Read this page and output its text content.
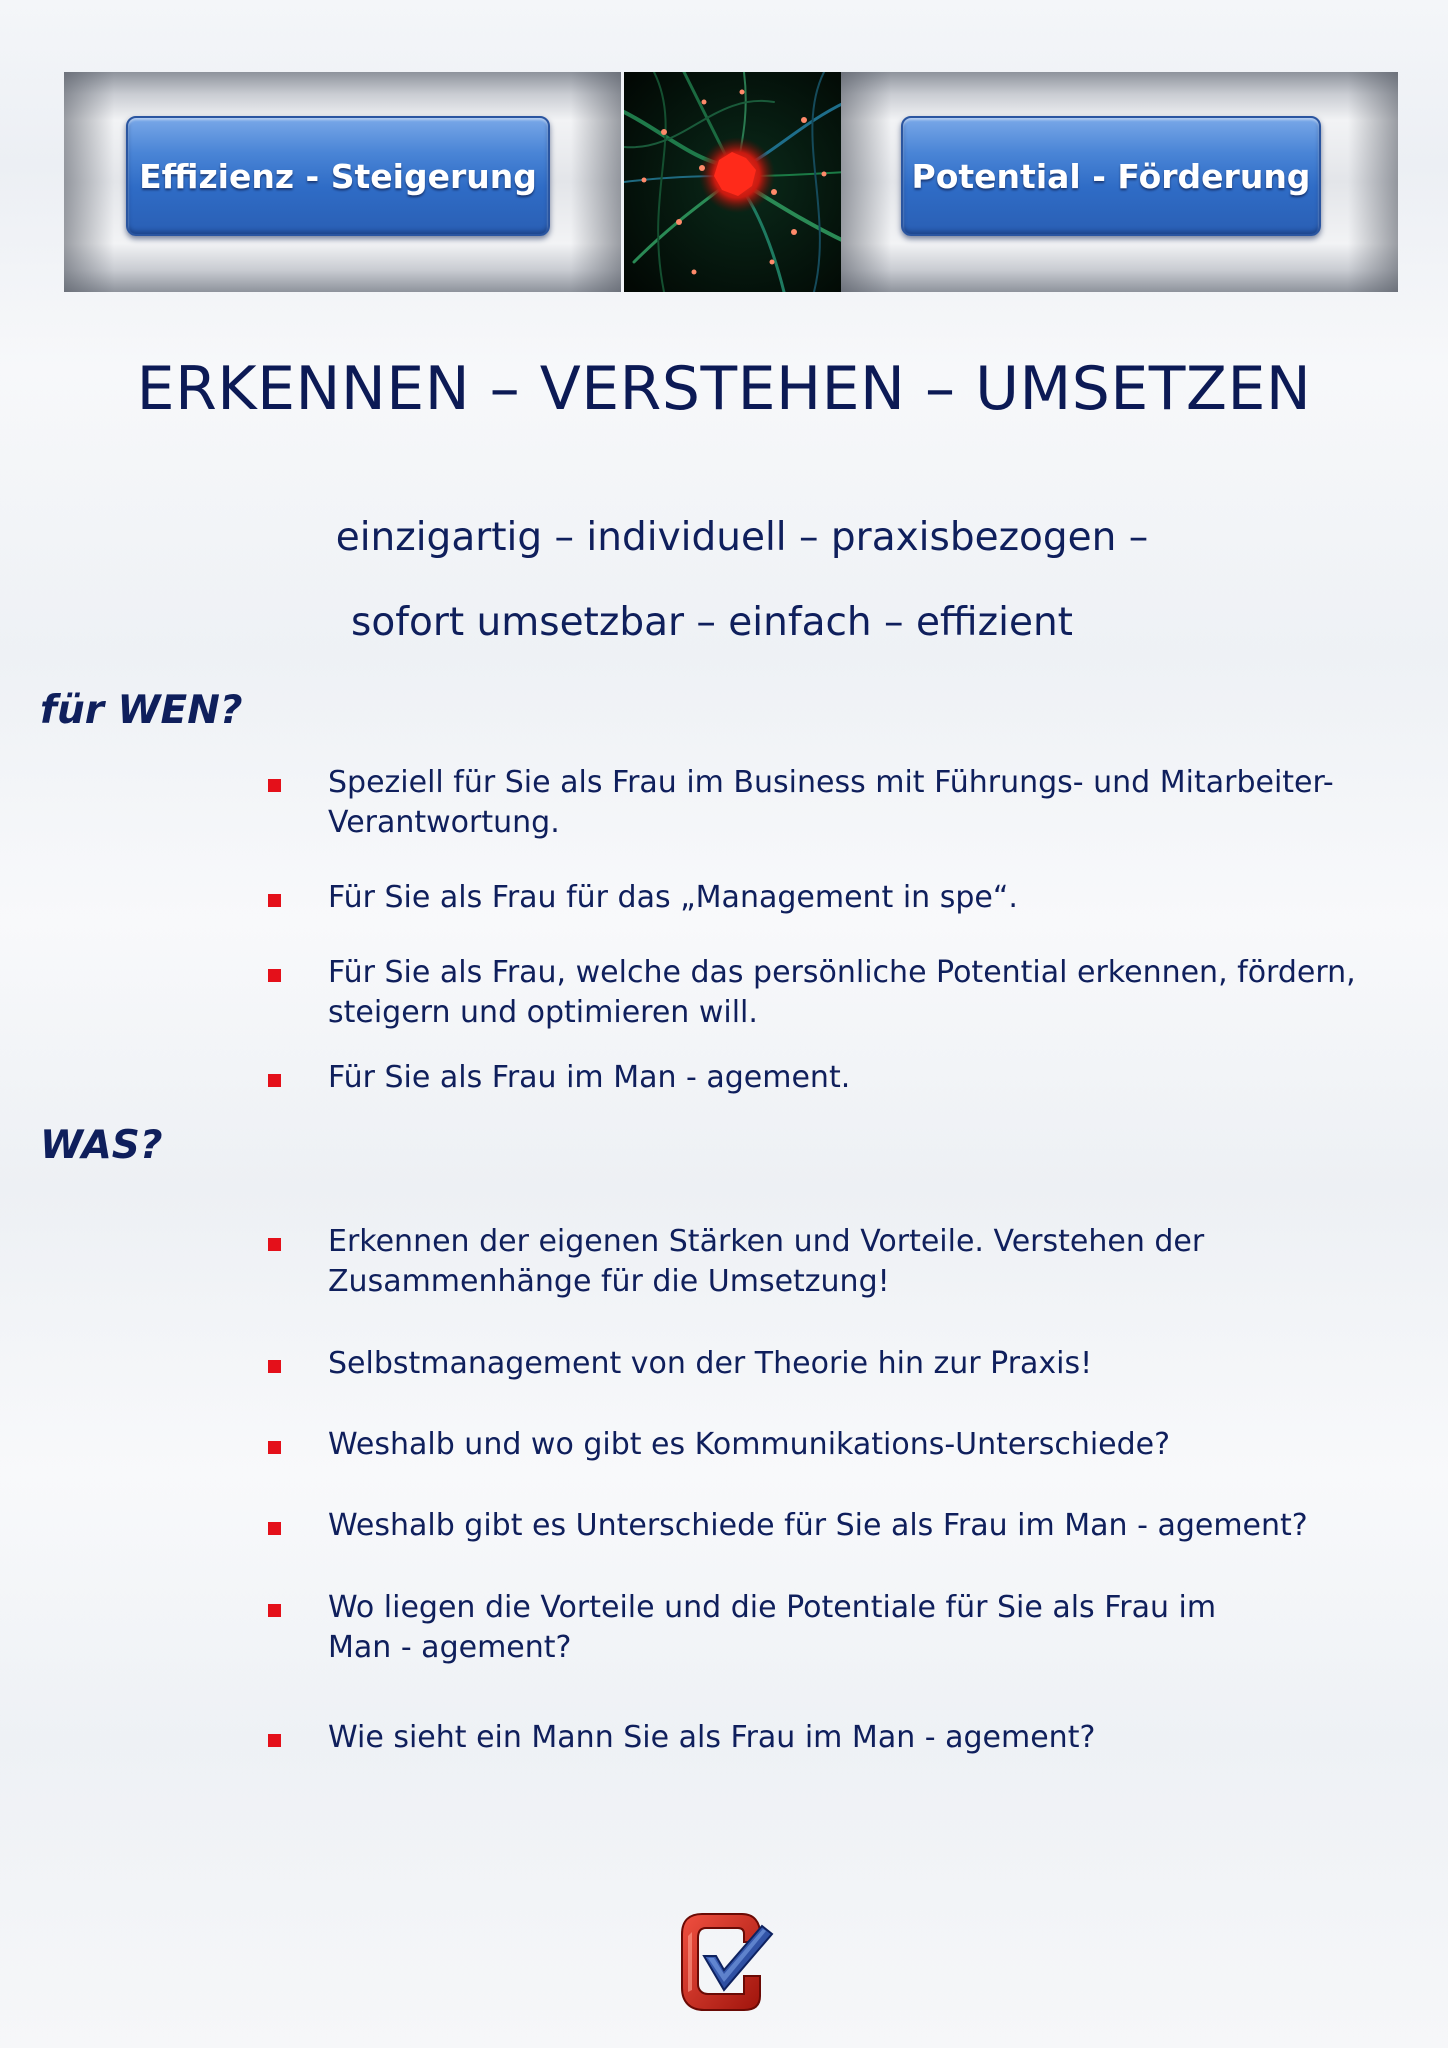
Effizienz - Steigerung	Potential - Förderung
ERKENNEN – VERSTEHEN – UMSETZEN
einzigartig – individuell – praxisbezogen –
sofort umsetzbar – einfach – effizient
für WEN?
Speziell für Sie als Frau im Business mit Führungs- und Mitarbeiter-Verantwortung.
Für Sie als Frau für das „Management in spe“.
Für Sie als Frau, welche das persönliche Potential erkennen, fördern, steigern und optimieren will.
Für Sie als Frau im Man - agement.
WAS?
Erkennen der eigenen Stärken und Vorteile. Verstehen der Zusammenhänge für die Umsetzung!
Selbstmanagement von der Theorie hin zur Praxis!
Weshalb und wo gibt es Kommunikations-Unterschiede?
Weshalb gibt es Unterschiede für Sie als Frau im Man - agement?
Wo liegen die Vorteile und die Potentiale für Sie als Frau im Man - agement?
Wie sieht ein Mann Sie als Frau im Man - agement?
